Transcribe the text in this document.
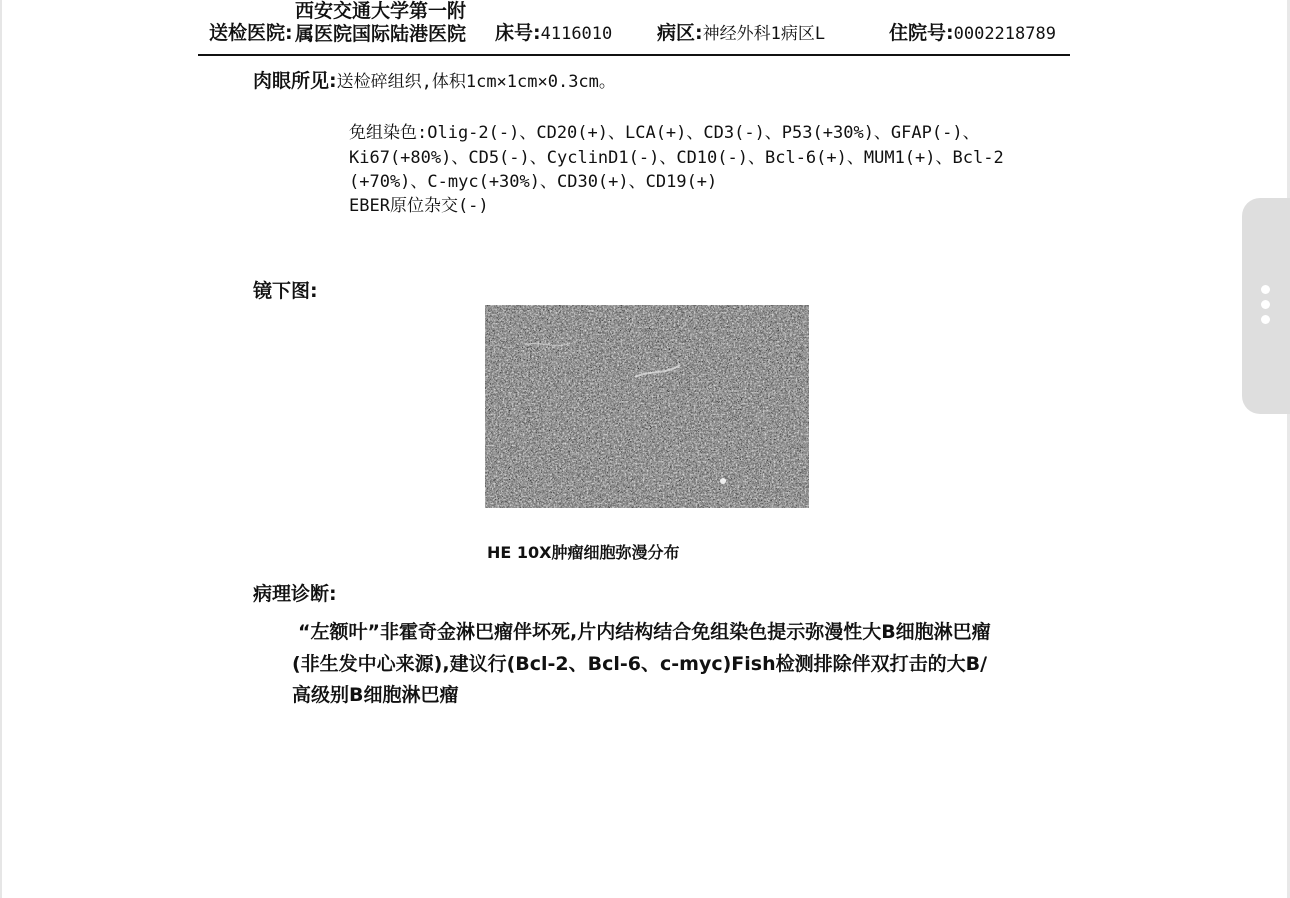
送检医院:
西安交通大学第一附
属医院国际陆港医院 床号:4116010 病区:神经外科1病区L	住院号:0002218789
肉眼所见:送检碎组织,体积1cm×1cm×0.3cm。
免组染色:Olig-2(-)、CD20(+)、LCA(+)、CD3(-)、P53(+30%)、GFAP(-)、
Ki67(+80%)、CD5(-)、CyclinD1(-)、CD10(-)、Bcl-6(+)、MUM1(+)、Bcl-2
(+70%)、C-myc(+30%)、CD30(+)、CD19(+)
EBER原位杂交(-)
镜下图:
HE 10X肿瘤细胞弥漫分布
病理诊断:
“左额叶”非霍奇金淋巴瘤伴坏死,片内结构结合免组染色提示弥漫性大B细胞淋巴瘤
(非生发中心来源),建议行(Bcl-2、Bcl-6、c-myc)Fish检测排除伴双打击的大B/
高级别B细胞淋巴瘤
